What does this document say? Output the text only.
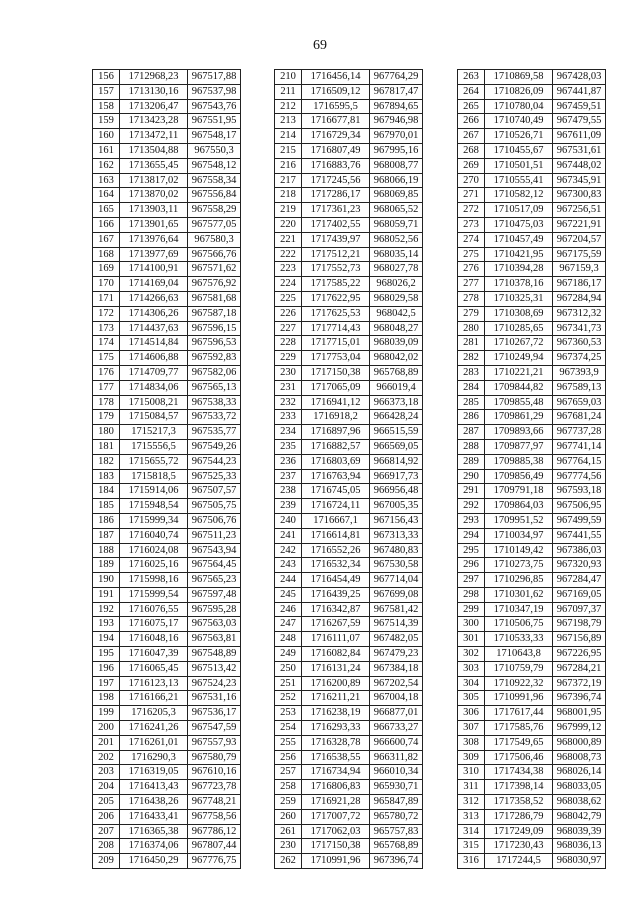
69
156	1712968,23	967517,88
157	1713130,16	967537,98
158	1713206,47	967543,76
159	1713423,28	967551,95
160	1713472,11	967548,17
161	1713504,88	967550,3
162	1713655,45	967548,12
163	1713817,02	967558,34
164	1713870,02	967556,84
165	1713903,11	967558,29
166	1713901,65	967577,05
167	1713976,64	967580,3
168	1713977,69	967566,76
169	1714100,91	967571,62
170	1714169,04	967576,92
171	1714266,63	967581,68
172	1714306,26	967587,18
173	1714437,63	967596,15
174	1714514,84	967596,53
175	1714606,88	967592,83
176	1714709,77	967582,06
177	1714834,06	967565,13
178	1715008,21	967538,33
179	1715084,57	967533,72
180	1715217,3	967535,77
181	1715556,5	967549,26
182	1715655,72	967544,23
183	1715818,5	967525,33
184	1715914,06	967507,57
185	1715948,54	967505,75
186	1715999,34	967506,76
187	1716040,74	967511,23
188	1716024,08	967543,94
189	1716025,16	967564,45
190	1715998,16	967565,23
191	1715999,54	967597,48
192	1716076,55	967595,28
193	1716075,17	967563,03
194	1716048,16	967563,81
195	1716047,39	967548,89
196	1716065,45	967513,42
197	1716123,13	967524,23
198	1716166,21	967531,16
199	1716205,3	967536,17
200	1716241,26	967547,59
201	1716261,01	967557,93
202	1716290,3	967580,79
203	1716319,05	967610,16
204	1716413,43	967723,78
205	1716438,26	967748,21
206	1716433,41	967758,56
207	1716365,38	967786,12
208	1716374,06	967807,44
209	1716450,29	967776,75
210	1716456,14	967764,29
211	1716509,12	967817,47
212	1716595,5	967894,65
213	1716677,81	967946,98
214	1716729,34	967970,01
215	1716807,49	967995,16
216	1716883,76	968008,77
217	1717245,56	968066,19
218	1717286,17	968069,85
219	1717361,23	968065,52
220	1717402,55	968059,71
221	1717439,97	968052,56
222	1717512,21	968035,14
223	1717552,73	968027,78
224	1717585,22	968026,2
225	1717622,95	968029,58
226	1717625,53	968042,5
227	1717714,43	968048,27
228	1717715,01	968039,09
229	1717753,04	968042,02
230	1717150,38	965768,89
231	1717065,09	966019,4
232	1716941,12	966373,18
233	1716918,2	966428,24
234	1716897,96	966515,59
235	1716882,57	966569,05
236	1716803,69	966814,92
237	1716763,94	966917,73
238	1716745,05	966956,48
239	1716724,11	967005,35
240	1716667,1	967156,43
241	1716614,81	967313,33
242	1716552,26	967480,83
243	1716532,34	967530,58
244	1716454,49	967714,04
245	1716439,25	967699,08
246	1716342,87	967581,42
247	1716267,59	967514,39
248	1716111,07	967482,05
249	1716082,84	967479,23
250	1716131,24	967384,18
251	1716200,89	967202,54
252	1716211,21	967004,18
253	1716238,19	966877,01
254	1716293,33	966733,27
255	1716328,78	966600,74
256	1716538,55	966311,82
257	1716734,94	966010,34
258	1716806,83	965930,71
259	1716921,28	965847,89
260	1717007,72	965780,72
261	1717062,03	965757,83
230	1717150,38	965768,89
262	1710991,96	967396,74
263	1710869,58	967428,03
264	1710826,09	967441,87
265	1710780,04	967459,51
266	1710740,49	967479,55
267	1710526,71	967611,09
268	1710455,67	967531,61
269	1710501,51	967448,02
270	1710555,41	967345,91
271	1710582,12	967300,83
272	1710517,09	967256,51
273	1710475,03	967221,91
274	1710457,49	967204,57
275	1710421,95	967175,59
276	1710394,28	967159,3
277	1710378,16	967186,17
278	1710325,31	967284,94
279	1710308,69	967312,32
280	1710285,65	967341,73
281	1710267,72	967360,53
282	1710249,94	967374,25
283	1710221,21	967393,9
284	1709844,82	967589,13
285	1709855,48	967659,03
286	1709861,29	967681,24
287	1709893,66	967737,28
288	1709877,97	967741,14
289	1709885,38	967764,15
290	1709856,49	967774,56
291	1709791,18	967593,18
292	1709864,03	967506,95
293	1709951,52	967499,59
294	1710034,97	967441,55
295	1710149,42	967386,03
296	1710273,75	967320,93
297	1710296,85	967284,47
298	1710301,62	967169,05
299	1710347,19	967097,37
300	1710506,75	967198,79
301	1710533,33	967156,89
302	1710643,8	967226,95
303	1710759,79	967284,21
304	1710922,32	967372,19
305	1710991,96	967396,74
306	1717617,44	968001,95
307	1717585,76	967999,12
308	1717549,65	968000,89
309	1717506,46	968008,73
310	1717434,38	968026,14
311	1717398,14	968033,05
312	1717358,52	968038,62
313	1717286,79	968042,79
314	1717249,09	968039,39
315	1717230,43	968036,13
316	1717244,5	968030,97
